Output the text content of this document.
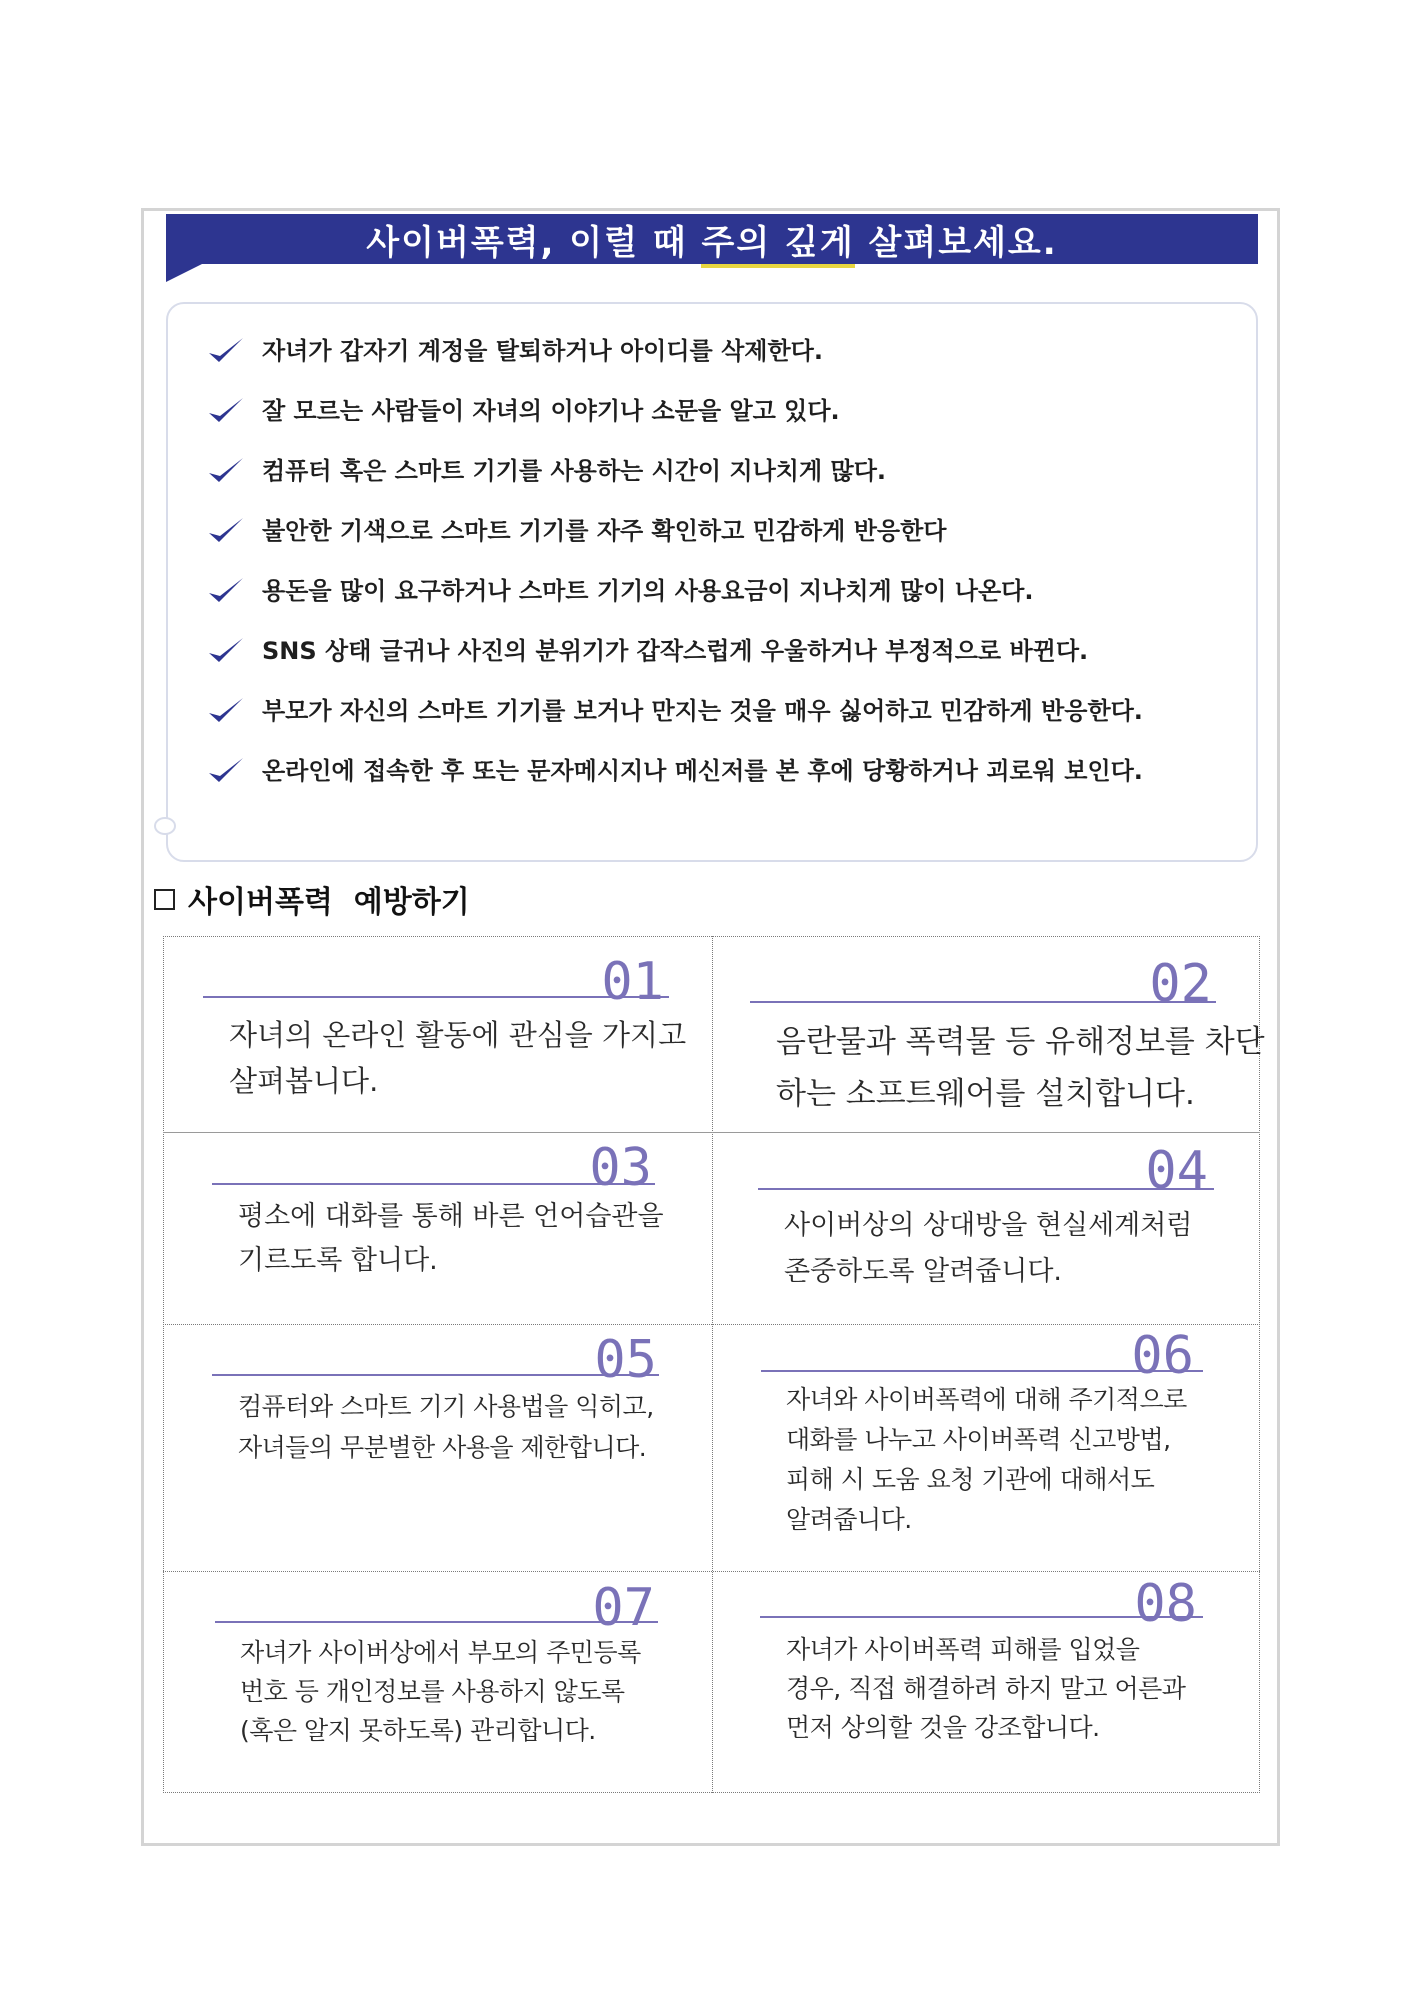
사이버폭력, 이럴 때 주의 깊게 살펴보세요.
자녀가 갑자기 계정을 탈퇴하거나 아이디를 삭제한다.
잘 모르는 사람들이 자녀의 이야기나 소문을 알고 있다.
컴퓨터 혹은 스마트 기기를 사용하는 시간이 지나치게 많다.
불안한 기색으로 스마트 기기를 자주 확인하고 민감하게 반응한다
용돈을 많이 요구하거나 스마트 기기의 사용요금이 지나치게 많이 나온다.
SNS 상태 글귀나 사진의 분위기가 갑작스럽게 우울하거나 부정적으로 바뀐다.
부모가 자신의 스마트 기기를 보거나 만지는 것을 매우 싫어하고 민감하게 반응한다.
온라인에 접속한 후 또는 문자메시지나 메신저를 본 후에 당황하거나 괴로워 보인다.
사이버폭력  예방하기
01
자녀의 온라인 활동에 관심을 가지고
살펴봅니다.
02
음란물과 폭력물 등 유해정보를 차단
하는 소프트웨어를 설치합니다.
03
평소에 대화를 통해 바른 언어습관을
기르도록 합니다.
04
사이버상의 상대방을 현실세계처럼
존중하도록 알려줍니다.
05
컴퓨터와 스마트 기기 사용법을 익히고,
자녀들의 무분별한 사용을 제한합니다.
06
자녀와 사이버폭력에 대해 주기적으로
대화를 나누고 사이버폭력 신고방법,
피해 시 도움 요청 기관에 대해서도
알려줍니다.
07
자녀가 사이버상에서 부모의 주민등록
번호 등 개인정보를 사용하지 않도록
(혹은 알지 못하도록) 관리합니다.
08
자녀가 사이버폭력 피해를 입었을
경우, 직접 해결하려 하지 말고 어른과
먼저 상의할 것을 강조합니다.
